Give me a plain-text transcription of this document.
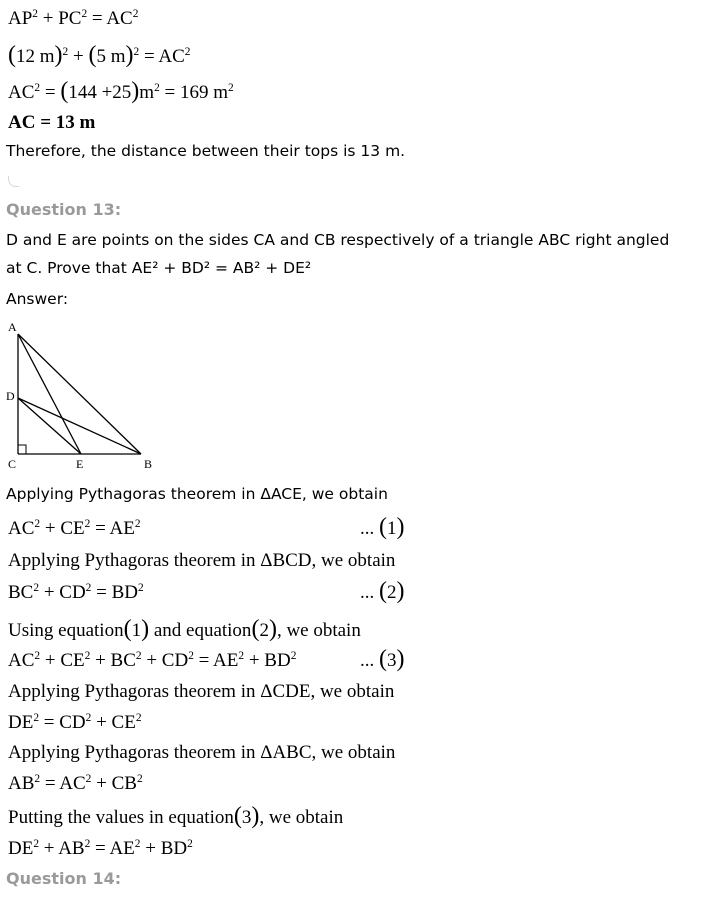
$AP^2 + PC^2 = AC^2$
(12 m)$^2$ + (5 $m)^2 = AC^2$
$AC^2 = (144 +25)m^2 = 169$ $m^2$
AC = 13 m
Therefore, the distance between their tops is 13 m.
Question 13:
D and E are points on the sides CA and CB respectively of a triangle ABC right angled
at C. Prove that AE² + BD² = AB² + DE²
Answer:
A
D
C	E	B
Applying Pythagoras theorem in ΔACE, we obtain
$AC^2 + CE^2 = AE^2$	... (1)
Applying Pythagoras theorem in ΔBCD, we obtain
$BC^2 + CD^2 = BD^2$	... (2)
Using equation(1) and equation(2), we obtain
$AC^2 + CE^2 + BC^2 + CD^2 = AE^2 + BD^2$	... (3)
Applying Pythagoras theorem in ΔCDE, we obtain
$DE^2 = CD^2 + CE^2$
Applying Pythagoras theorem in ΔABC, we obtain
$AB^2 = AC^2 + CB^2$
Putting the values in equation(3), we obtain
$DE^2 + AB^2 = AE^2 + BD^2$
Question 14:
